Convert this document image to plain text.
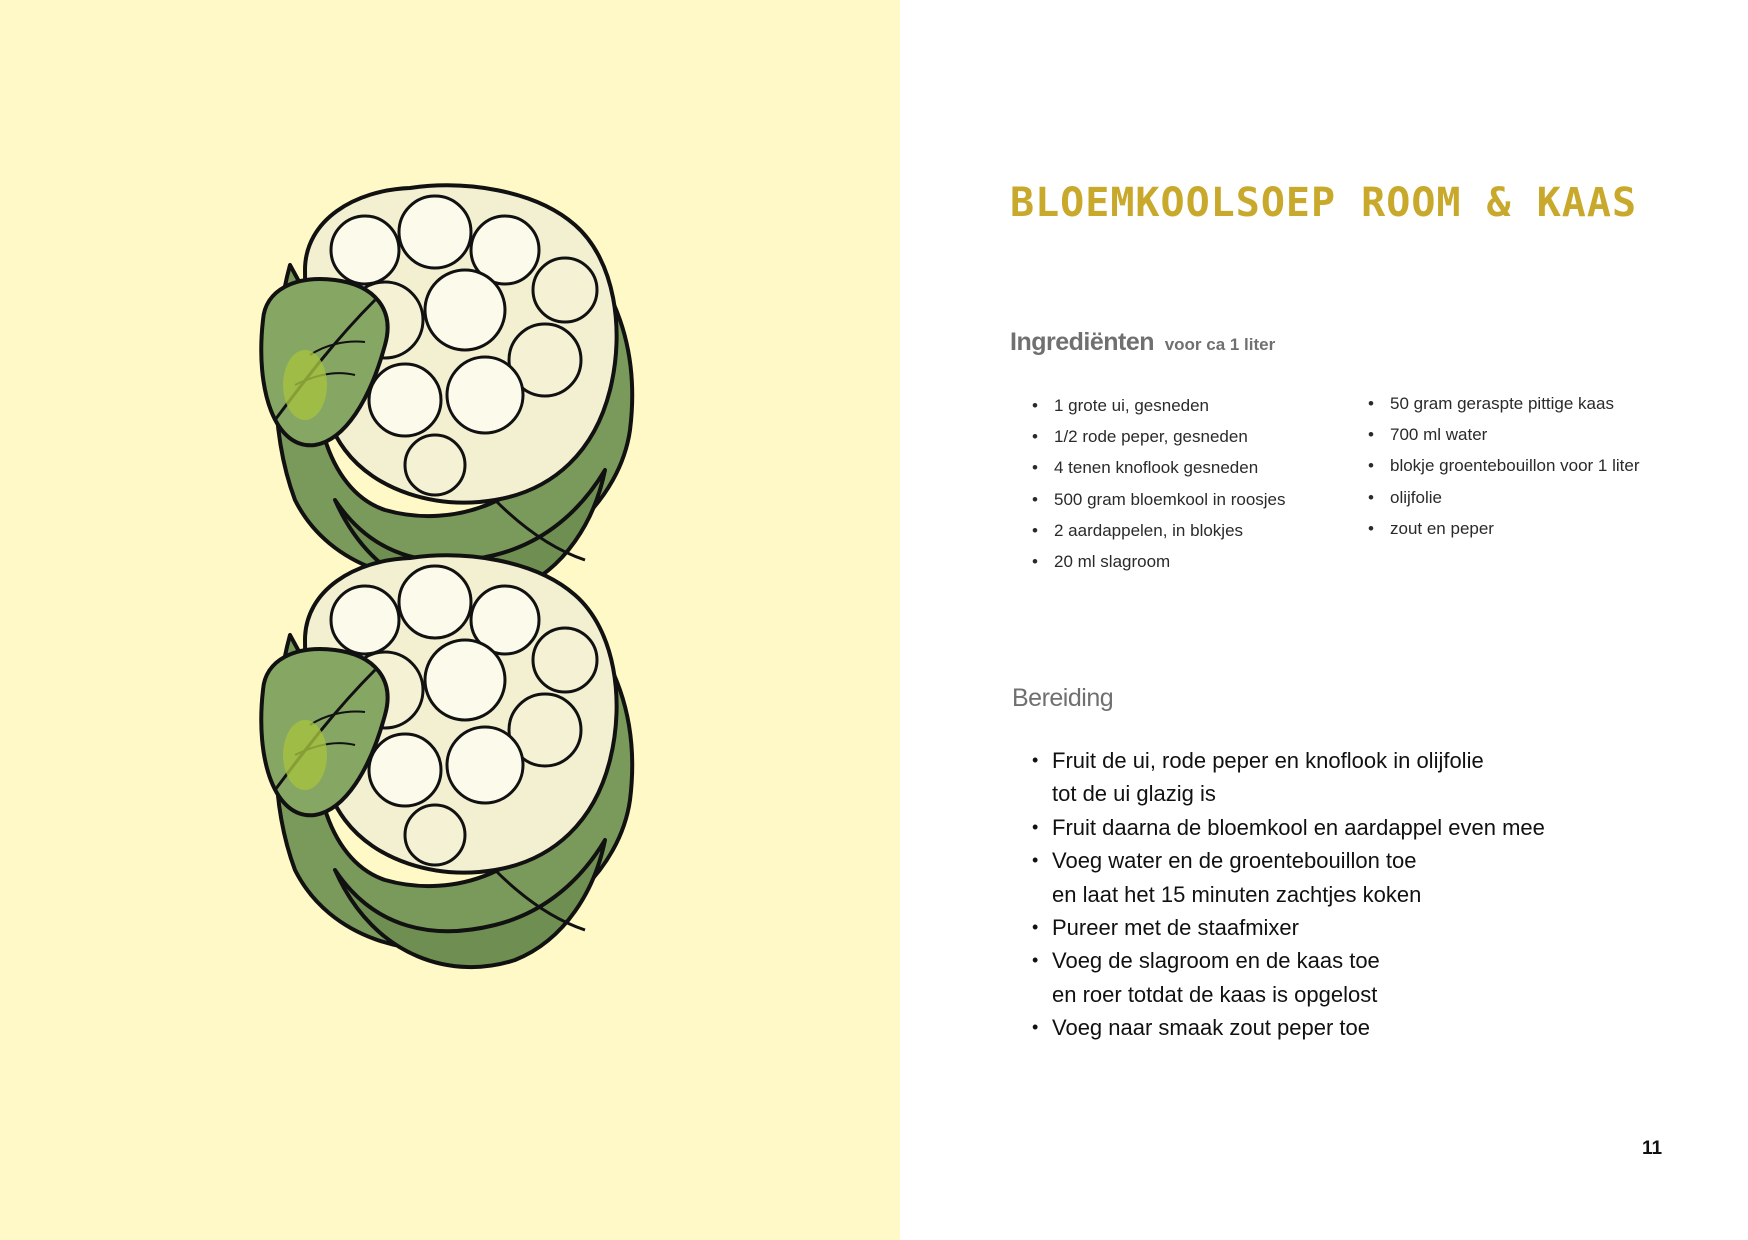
BLOEMKOOLSOEP ROOM & KAAS
Ingrediënten voor ca 1 liter
• 1 grote ui, gesneden
• 1/2 rode peper, gesneden
• 4 tenen knoflook gesneden
• 500 gram bloemkool in roosjes
• 2 aardappelen, in blokjes
• 20 ml slagroom
• 50 gram geraspte pittige kaas
• 700 ml water
• blokje groentebouillon voor 1 liter
• olijfolie
• zout en peper
Bereiding
• Fruit de ui, rode peper en knoflook in olijfolie
tot de ui glazig is
• Fruit daarna de bloemkool en aardappel even mee
• Voeg water en de groentebouillon toe
en laat het 15 minuten zachtjes koken
• Pureer met de staafmixer
• Voeg de slagroom en de kaas toe
en roer totdat de kaas is opgelost
• Voeg naar smaak zout peper toe

11
